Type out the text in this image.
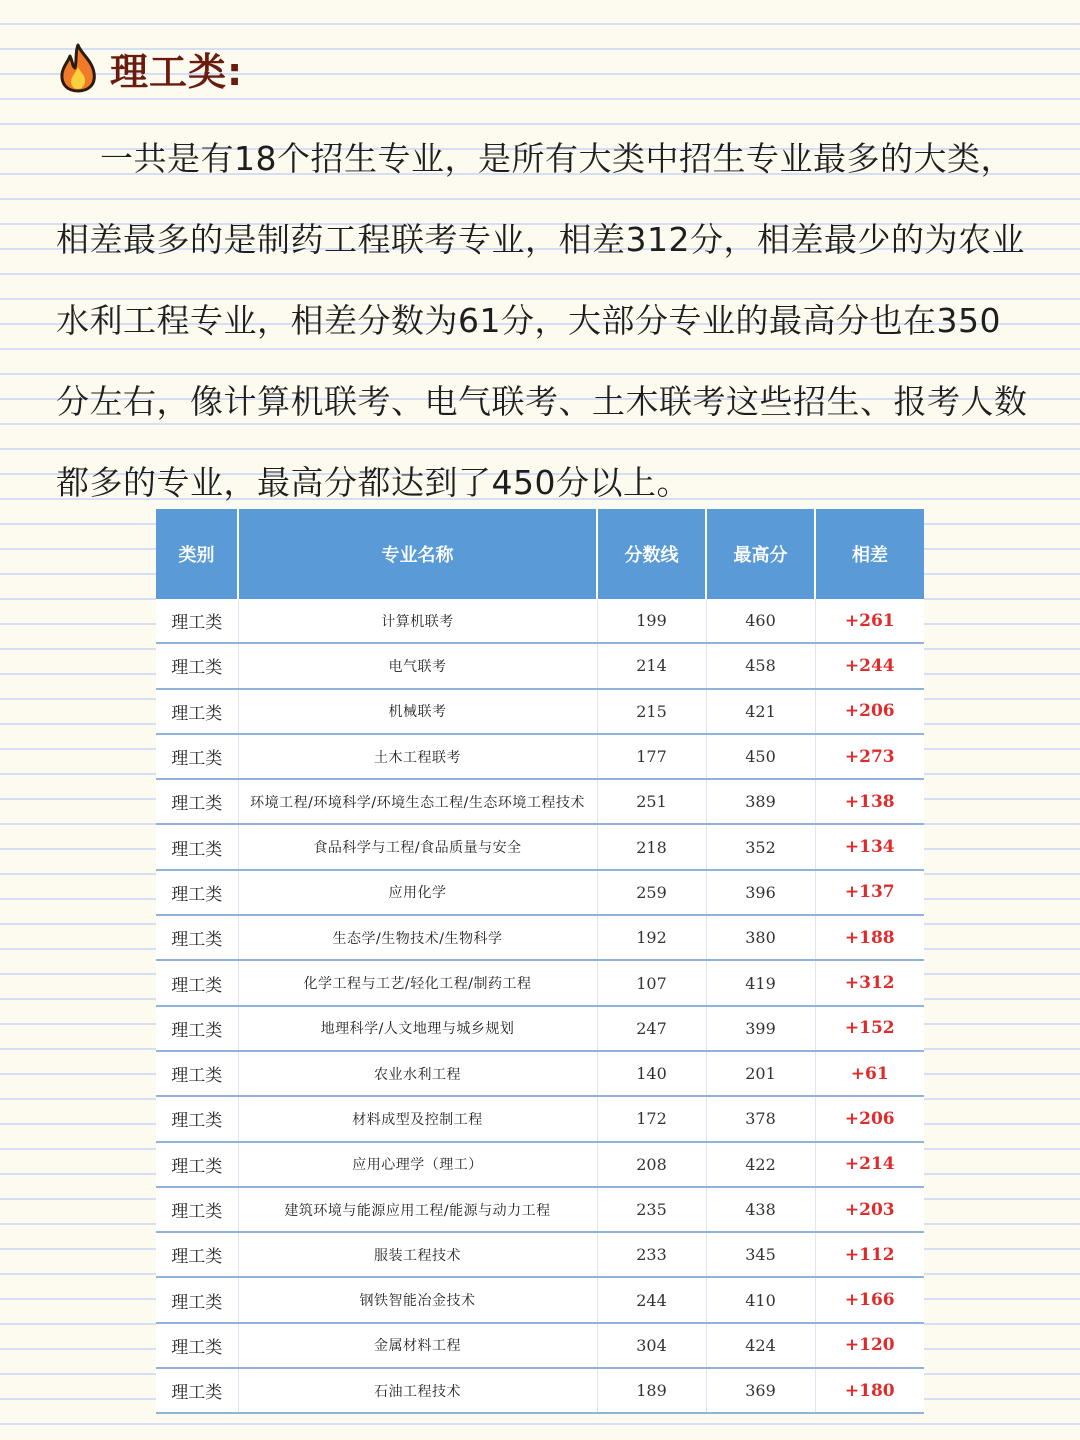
理工类:

一共是有18个招生专业，是所有大类中招生专业最多的大类，相差最多的是制药工程联考专业，相差312分，相差最少的为农业水利工程专业，相差分数为61分，大部分专业的最高分也在350分左右，像计算机联考、电气联考、土木联考这些招生、报考人数都多的专业，最高分都达到了450分以上。

类别	专业名称	分数线	最高分	相差
理工类	计算机联考	199	460	+261
理工类	电气联考	214	458	+244
理工类	机械联考	215	421	+206
理工类	土木工程联考	177	450	+273
理工类	环境工程/环境科学/环境生态工程/生态环境工程技术	251	389	+138
理工类	食品科学与工程/食品质量与安全	218	352	+134
理工类	应用化学	259	396	+137
理工类	生态学/生物技术/生物科学	192	380	+188
理工类	化学工程与工艺/轻化工程/制药工程	107	419	+312
理工类	地理科学/人文地理与城乡规划	247	399	+152
理工类	农业水利工程	140	201	+61
理工类	材料成型及控制工程	172	378	+206
理工类	应用心理学（理工）	208	422	+214
理工类	建筑环境与能源应用工程/能源与动力工程	235	438	+203
理工类	服装工程技术	233	345	+112
理工类	钢铁智能冶金技术	244	410	+166
理工类	金属材料工程	304	424	+120
理工类	石油工程技术	189	369	+180
